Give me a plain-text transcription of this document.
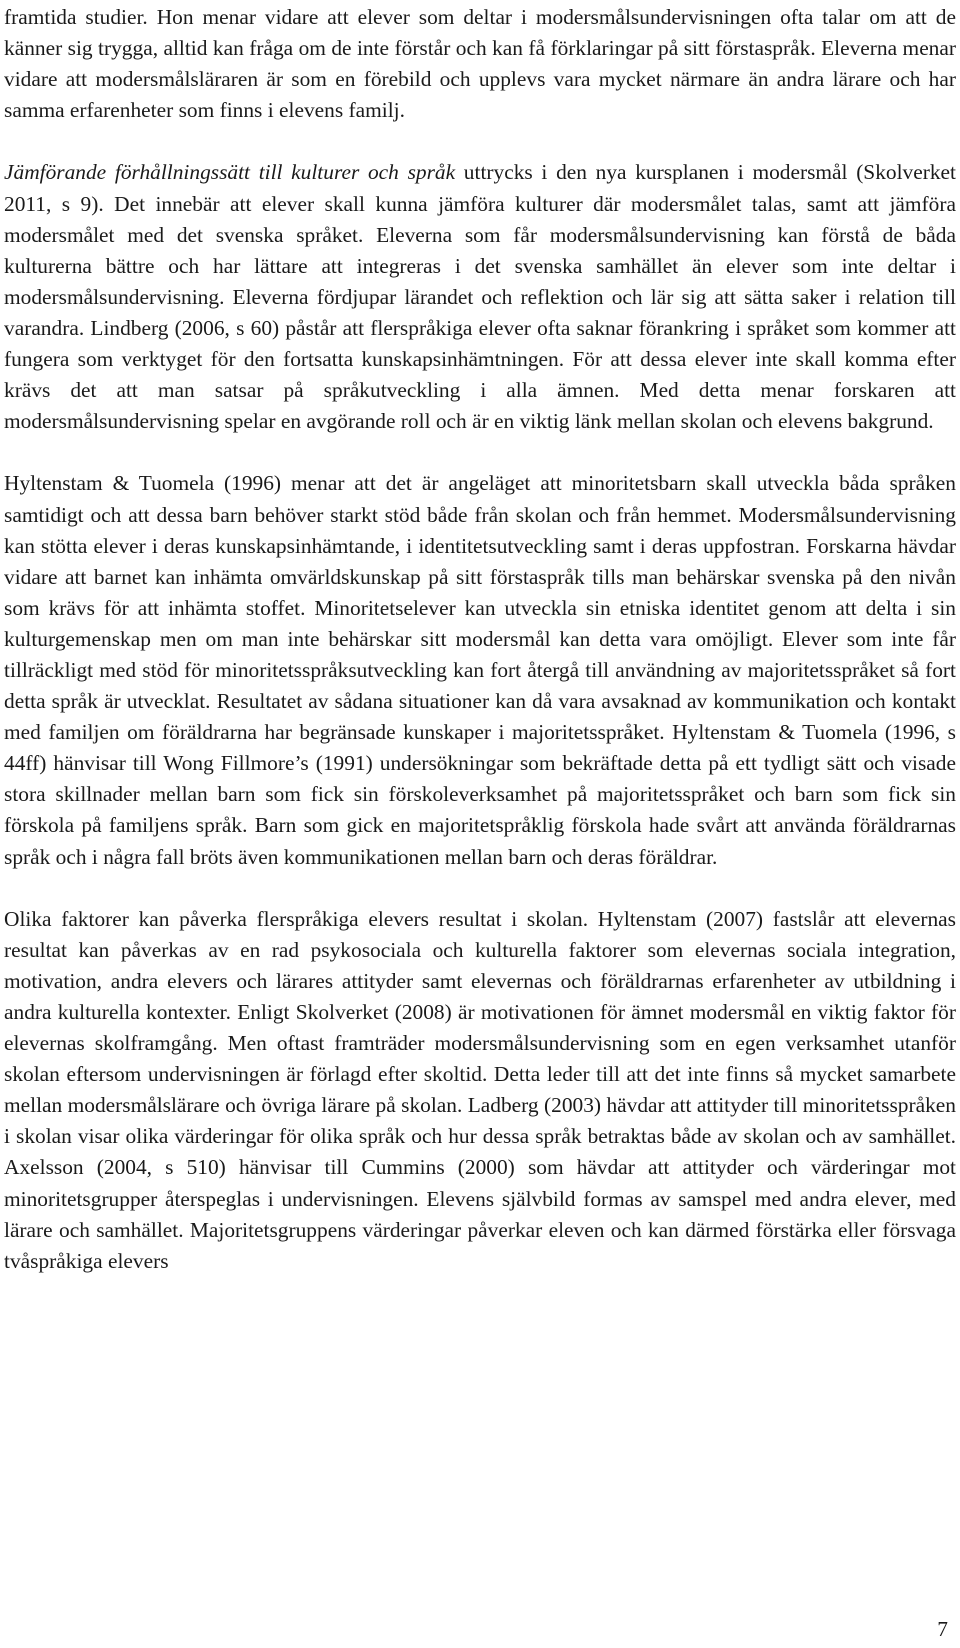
framtida studier. Hon menar vidare att elever som deltar i modersmålsundervisningen ofta talar om att de känner sig trygga, alltid kan fråga om de inte förstår och kan få förklaringar på sitt förstaspråk. Eleverna menar vidare att modersmålsläraren är som en förebild och upplevs vara mycket närmare än andra lärare och har samma erfarenheter som finns i elevens familj.

Jämförande förhållningssätt till kulturer och språk uttrycks i den nya kursplanen i modersmål (Skolverket 2011, s 9). Det innebär att elever skall kunna jämföra kulturer där modersmålet talas, samt att jämföra modersmålet med det svenska språket. Eleverna som får modersmålsundervisning kan förstå de båda kulturerna bättre och har lättare att integreras i det svenska samhället än elever som inte deltar i modersmålsundervisning. Eleverna fördjupar lärandet och reflektion och lär sig att sätta saker i relation till varandra. Lindberg (2006, s 60) påstår att flerspråkiga elever ofta saknar förankring i språket som kommer att fungera som verktyget för den fortsatta kunskapsinhämtningen. För att dessa elever inte skall komma efter krävs det att man satsar på språkutveckling i alla ämnen. Med detta menar forskaren att modersmålsundervisning spelar en avgörande roll och är en viktig länk mellan skolan och elevens bakgrund.

Hyltenstam & Tuomela (1996) menar att det är angeläget att minoritetsbarn skall utveckla båda språken samtidigt och att dessa barn behöver starkt stöd både från skolan och från hemmet. Modersmålsundervisning kan stötta elever i deras kunskapsinhämtande, i identitetsutveckling samt i deras uppfostran. Forskarna hävdar vidare att barnet kan inhämta omvärldskunskap på sitt förstaspråk tills man behärskar svenska på den nivån som krävs för att inhämta stoffet. Minoritetselever kan utveckla sin etniska identitet genom att delta i sin kulturgemenskap men om man inte behärskar sitt modersmål kan detta vara omöjligt. Elever som inte får tillräckligt med stöd för minoritetsspråksutveckling kan fort återgå till användning av majoritetsspråket så fort detta språk är utvecklat. Resultatet av sådana situationer kan då vara avsaknad av kommunikation och kontakt med familjen om föräldrarna har begränsade kunskaper i majoritetsspråket. Hyltenstam & Tuomela (1996, s 44ff) hänvisar till Wong Fillmore’s (1991) undersökningar som bekräftade detta på ett tydligt sätt och visade stora skillnader mellan barn som fick sin förskoleverksamhet på majoritetsspråket och barn som fick sin förskola på familjens språk. Barn som gick en majoritetspråklig förskola hade svårt att använda föräldrarnas språk och i några fall bröts även kommunikationen mellan barn och deras föräldrar.

Olika faktorer kan påverka flerspråkiga elevers resultat i skolan. Hyltenstam (2007) fastslår att elevernas resultat kan påverkas av en rad psykosociala och kulturella faktorer som elevernas sociala integration, motivation, andra elevers och lärares attityder samt elevernas och föräldrarnas erfarenheter av utbildning i andra kulturella kontexter. Enligt Skolverket (2008) är motivationen för ämnet modersmål en viktig faktor för elevernas skolframgång. Men oftast framträder modersmålsundervisning som en egen verksamhet utanför skolan eftersom undervisningen är förlagd efter skoltid. Detta leder till att det inte finns så mycket samarbete mellan modersmålslärare och övriga lärare på skolan. Ladberg (2003) hävdar att attityder till minoritetsspråken i skolan visar olika värderingar för olika språk och hur dessa språk betraktas både av skolan och av samhället. Axelsson (2004, s 510) hänvisar till Cummins (2000) som hävdar att attityder och värderingar mot minoritetsgrupper återspeglas i undervisningen. Elevens självbild formas av samspel med andra elever, med lärare och samhället. Majoritetsgruppens värderingar påverkar eleven och kan därmed förstärka eller försvaga tvåspråkiga elevers

7
